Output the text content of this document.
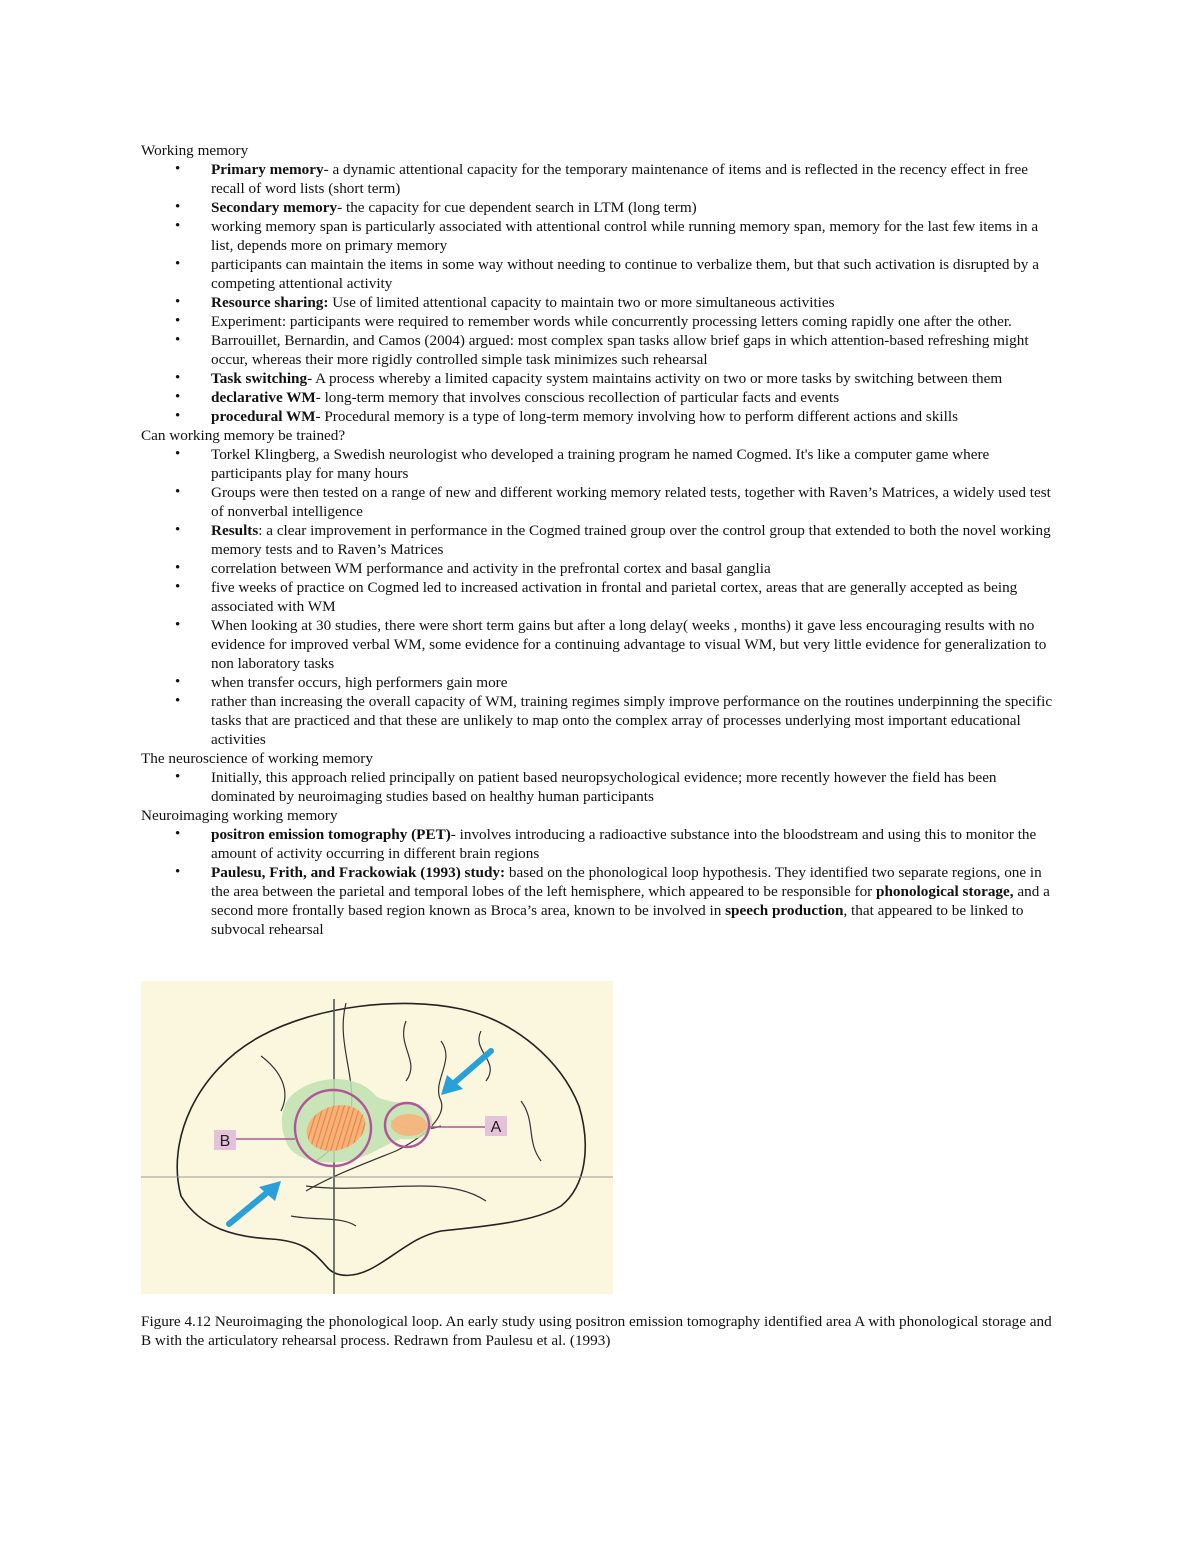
Working memory

• Primary memory- a dynamic attentional capacity for the temporary maintenance of items and is reflected in the recency effect in free recall of word lists (short term)
• Secondary memory- the capacity for cue dependent search in LTM (long term)
• working memory span is particularly associated with attentional control while running memory span, memory for the last few items in a list, depends more on primary memory
• participants can maintain the items in some way without needing to continue to verbalize them, but that such activation is disrupted by a competing attentional activity
• Resource sharing: Use of limited attentional capacity to maintain two or more simultaneous activities
• Experiment: participants were required to remember words while concurrently processing letters coming rapidly one after the other.
• Barrouillet, Bernardin, and Camos (2004) argued: most complex span tasks allow brief gaps in which attention-based refreshing might occur, whereas their more rigidly controlled simple task minimizes such rehearsal
• Task switching- A process whereby a limited capacity system maintains activity on two or more tasks by switching between them
• declarative WM- long-term memory that involves conscious recollection of particular facts and events
• procedural WM- Procedural memory is a type of long-term memory involving how to perform different actions and skills

Can working memory be trained?

• Torkel Klingberg, a Swedish neurologist who developed a training program he named Cogmed. It's like a computer game where participants play for many hours
• Groups were then tested on a range of new and different working memory related tests, together with Raven’s Matrices, a widely used test of nonverbal intelligence
• Results: a clear improvement in performance in the Cogmed trained group over the control group that extended to both the novel working memory tests and to Raven’s Matrices
• correlation between WM performance and activity in the prefrontal cortex and basal ganglia
• five weeks of practice on Cogmed led to increased activation in frontal and parietal cortex, areas that are generally accepted as being associated with WM
• When looking at 30 studies, there were short term gains but after a long delay( weeks , months) it gave less encouraging results with no evidence for improved verbal WM, some evidence for a continuing advantage to visual WM, but very little evidence for generalization to non laboratory tasks
• when transfer occurs, high performers gain more
• rather than increasing the overall capacity of WM, training regimes simply improve performance on the routines underpinning the specific tasks that are practiced and that these are unlikely to map onto the complex array of processes underlying most important educational activities

The neuroscience of working memory

• Initially, this approach relied principally on patient based neuropsychological evidence; more recently however the field has been dominated by neuroimaging studies based on healthy human participants

Neuroimaging working memory

• positron emission tomography (PET)- involves introducing a radioactive substance into the bloodstream and using this to monitor the amount of activity occurring in different brain regions
• Paulesu, Frith, and Frackowiak (1993) study: based on the phonological loop hypothesis. They identified two separate regions, one in the area between the parietal and temporal lobes of the left hemisphere, which appeared to be responsible for phonological storage, and a second more frontally based region known as Broca’s area, known to be involved in speech production, that appeared to be linked to subvocal rehearsal
B
A

Figure 4.12 Neuroimaging the phonological loop. An early study using positron emission tomography identified area A with phonological storage and B with the articulatory rehearsal process. Redrawn from Paulesu et al. (1993)
